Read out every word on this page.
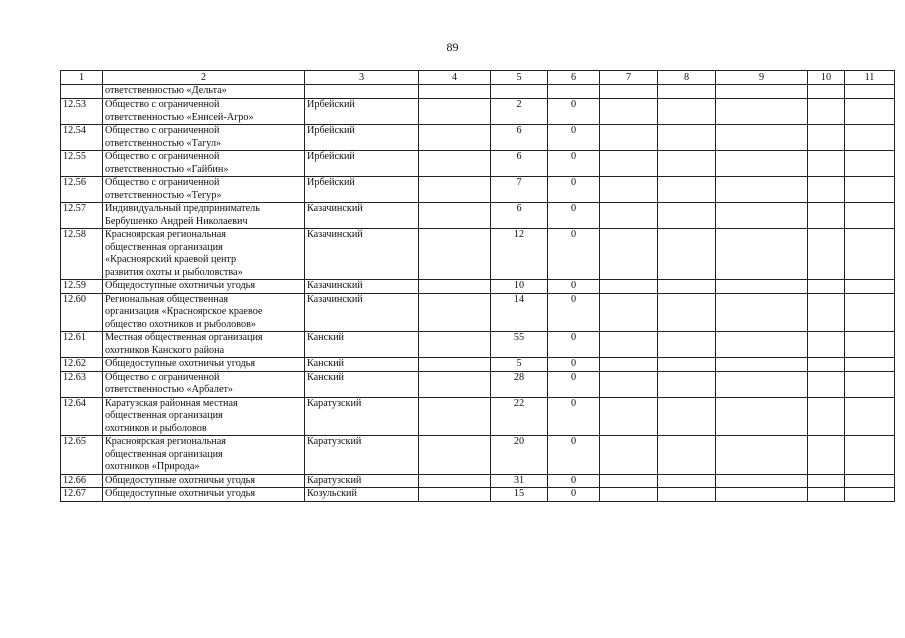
89
1	2	3	4	5	6	7	8	9	10	11
	ответственностью «Дельта»									
12.53	Общество с ограниченной
ответственностью «Енисей-Агро»	Ирбейский		2	0					
12.54	Общество с ограниченной
ответственностью «Тагул»	Ирбейский		6	0					
12.55	Общество с ограниченной
ответственностью «Гайбин»	Ирбейский		6	0					
12.56	Общество с ограниченной
ответственностью «Тегур»	Ирбейский		7	0					
12.57	Индивидуальный предприниматель
Бербушенко Андрей Николаевич	Казачинский		6	0					
12.58	Красноярская региональная
общественная организация
«Красноярский краевой центр
развития охоты и рыболовства»	Казачинский		12	0					
12.59	Общедоступные охотничьи угодья	Казачинский		10	0					
12.60	Региональная общественная
организация «Красноярское краевое
общество охотников и рыболовов»	Казачинский		14	0					
12.61	Местная общественная организация
охотников Канского района	Канский		55	0					
12.62	Общедоступные охотничьи угодья	Канский		5	0					
12.63	Общество с ограниченной
ответственностью «Арбалет»	Канский		28	0					
12.64	Каратузская районная местная
общественная организация
охотников и рыболовов	Каратузский		22	0					
12.65	Красноярская региональная
общественная организация
охотников «Природа»	Каратузский		20	0					
12.66	Общедоступные охотничьи угодья	Каратузский		31	0					
12.67	Общедоступные охотничьи угодья	Козульский		15	0					
